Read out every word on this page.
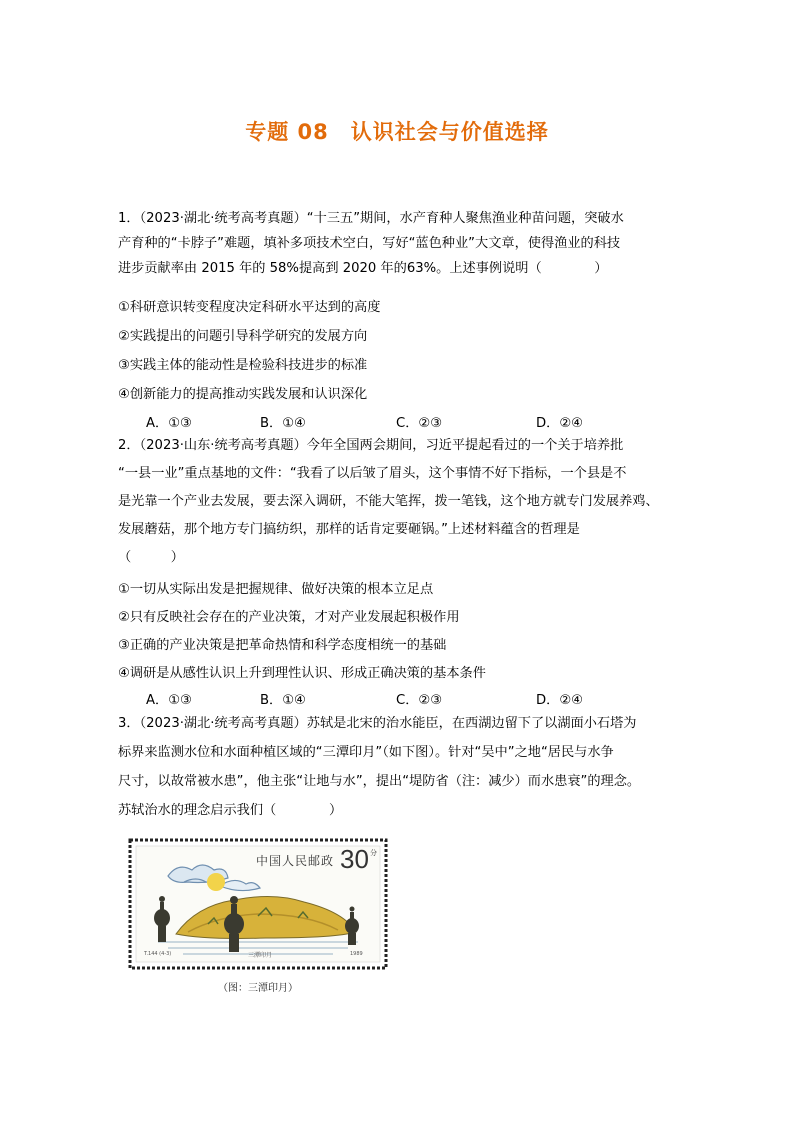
专题 08　认识社会与价值选择

1．（2023·湖北·统考高考真题）“十三五”期间，水产育种人聚焦渔业种苗问题，突破水

产育种的“卡脖子”难题，填补多项技术空白，写好“蓝色种业”大文章，使得渔业的科技

进步贡献率由 2015 年的 58%提高到 2020 年的63%。上述事例说明（　　　　）

①科研意识转变程度决定科研水平达到的高度
②实践提出的问题引导科学研究的发展方向
③实践主体的能动性是检验科技进步的标准
④创新能力的提高推动实践发展和认识深化
A．①③	B．①④	C．②③	D．②④

2．（2023·山东·统考高考真题）今年全国两会期间，习近平提起看过的一个关于培养批

“一县一业”重点基地的文件：“我看了以后皱了眉头，这个事情不好下指标，一个县是不

是光靠一个产业去发展，要去深入调研，不能大笔挥，拨一笔钱，这个地方就专门发展养鸡、

发展蘑菇，那个地方专门搞纺织，那样的话肯定要砸锅。”上述材料蕴含的哲理是

（　　　）

①一切从实际出发是把握规律、做好决策的根本立足点
②只有反映社会存在的产业决策，才对产业发展起积极作用
③正确的产业决策是把革命热情和科学态度相统一的基础
④调研是从感性认识上升到理性认识、形成正确决策的基本条件
A．①③	B．①④	C．②③	D．②④

3．（2023·湖北·统考高考真题）苏轼是北宋的治水能臣，在西湖边留下了以湖面小石塔为

标界来监测水位和水面种植区域的“三潭印月”（如下图）。针对“吴中”之地“居民与水争

尺寸，以故常被水患”，他主张“让地与水”，提出“堤防省（注：减少）而水患衰”的理念。

苏轼治水的理念启示我们（　　　　）

中国人民邮政 30 分
T.144 (4-3)	三潭印月	1989
（图：三潭印月）
